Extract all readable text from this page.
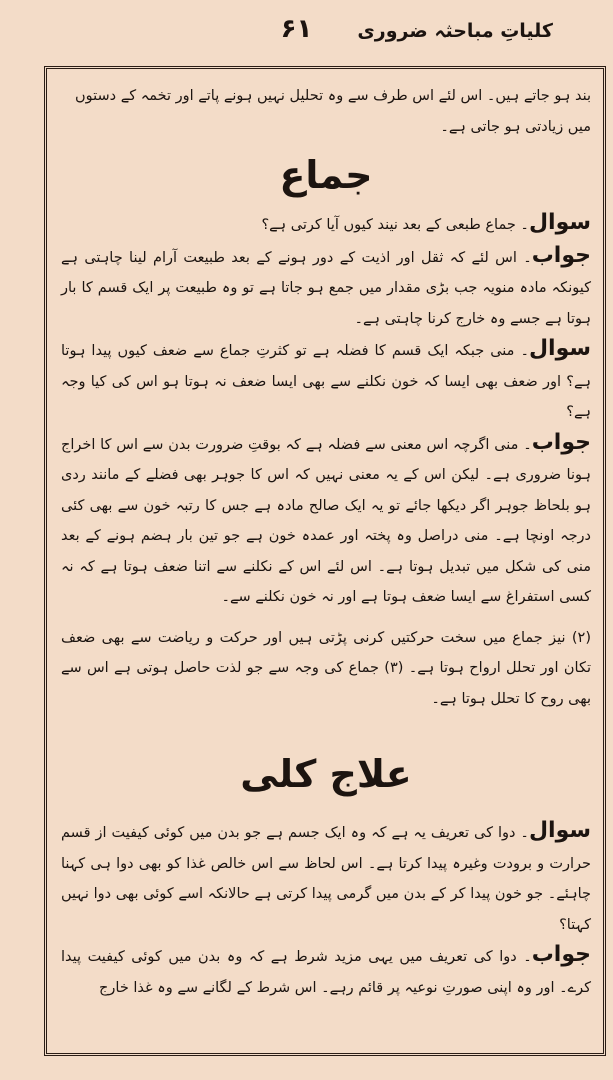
کلیاتِ مباحثہ ضروری
۶۱

بند ہو جاتے ہیں۔ اس لئے اس طرف سے وہ تحلیل نہیں ہونے پاتے اور تخمہ کے دستوں

میں زیادتی ہو جاتی ہے۔

جماع

سوال۔ جماع طبعی کے بعد نیند کیوں آیا کرتی ہے؟

جواب۔ اس لئے کہ ثقل اور اذیت کے دور ہونے کے بعد طبیعت آرام لینا چاہتی ہے کیونکہ مادہ منویہ جب بڑی مقدار میں جمع ہو جاتا ہے تو وہ طبیعت پر ایک قسم کا بار ہوتا ہے جسے وہ خارج کرنا چاہتی ہے۔

سوال۔ منی جبکہ ایک قسم کا فضلہ ہے تو کثرتِ جماع سے ضعف کیوں پیدا ہوتا ہے؟ اور ضعف بھی ایسا کہ خون نکلنے سے بھی ایسا ضعف نہ ہوتا ہو اس کی کیا وجہ ہے؟

جواب۔ منی اگرچہ اس معنی سے فضلہ ہے کہ بوقتِ ضرورت بدن سے اس کا اخراج ہونا ضروری ہے۔ لیکن اس کے یہ معنی نہیں کہ اس کا جوہر بھی فضلے کے مانند ردی ہو بلحاظ جوہر اگر دیکھا جائے تو یہ ایک صالح مادہ ہے جس کا رتبہ خون سے بھی کئی درجہ اونچا ہے۔ منی دراصل وہ پختہ اور عمدہ خون ہے جو تین بار ہضم ہونے کے بعد منی کی شکل میں تبدیل ہوتا ہے۔ اس لئے اس کے نکلنے سے اتنا ضعف ہوتا ہے کہ نہ کسی استفراغ سے ایسا ضعف ہوتا ہے اور نہ خون نکلنے سے۔

(۲) نیز جماع میں سخت حرکتیں کرنی پڑتی ہیں اور حرکت و ریاضت سے بھی ضعف تکان اور تحلل ارواح ہوتا ہے۔ (۳) جماع کی وجہ سے جو لذت حاصل ہوتی ہے اس سے بھی روح کا تحلل ہوتا ہے۔

علاج کلی

سوال۔ دوا کی تعریف یہ ہے کہ وہ ایک جسم ہے جو بدن میں کوئی کیفیت از قسم حرارت و برودت وغیرہ پیدا کرتا ہے۔ اس لحاظ سے اس خالص غذا کو بھی دوا ہی کہنا چاہئے۔ جو خون پیدا کر کے بدن میں گرمی پیدا کرتی ہے حالانکہ اسے کوئی بھی دوا نہیں کہتا؟

جواب۔ دوا کی تعریف میں یہی مزید شرط ہے کہ وہ بدن میں کوئی کیفیت پیدا کرے۔ اور وہ اپنی صورتِ نوعیہ پر قائم رہے۔ اس شرط کے لگانے سے وہ غذا خارج
